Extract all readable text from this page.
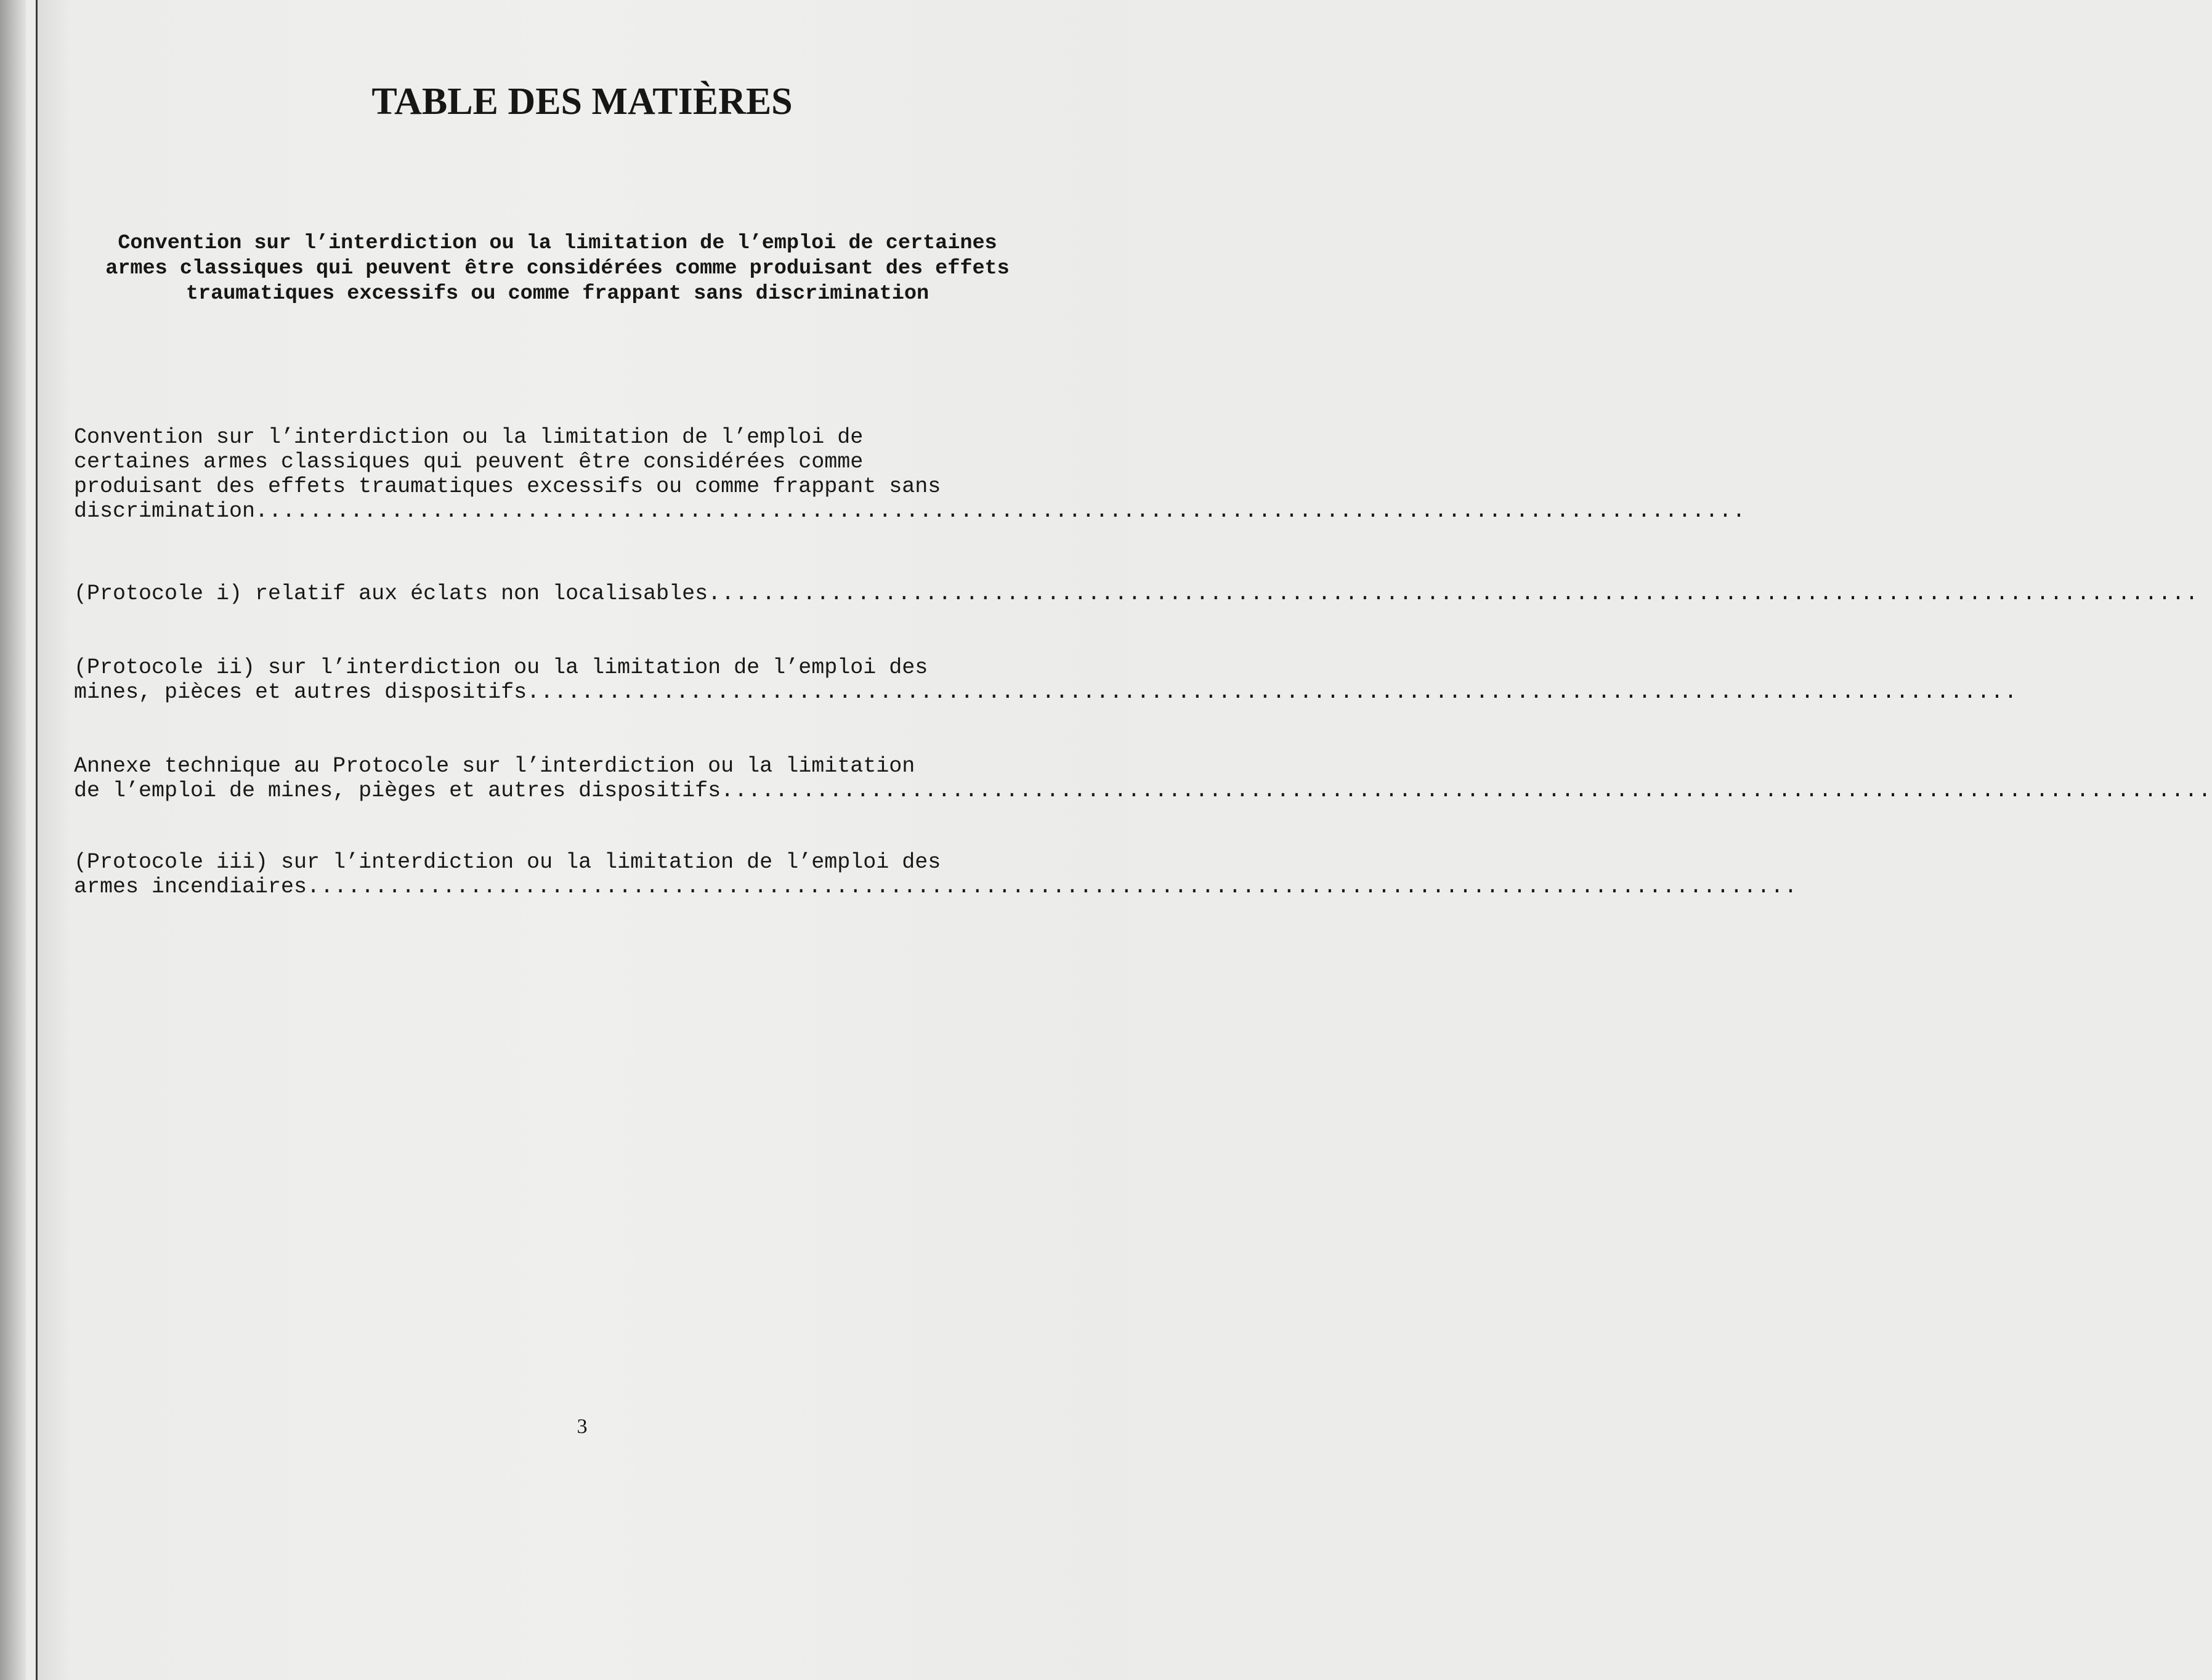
TABLE DES MATIÈRES

Convention sur l’interdiction ou la limitation de l’emploi de certaines armes classiques qui peuvent être considérées comme produisant des effets traumatiques excessifs ou comme frappant sans discrimination

Convention sur l’interdiction ou la limitation de l’emploi de
certaines armes classiques qui peuvent être considérées comme
produisant des effets traumatiques excessifs ou comme frappant sans
discrimination ..............................................................................................................
(Protocole i) relatif aux éclats non localisables ..............................................................................................................
(Protocole ii) sur l’interdiction ou la limitation de l’emploi des
mines, pièces et autres dispositifs ..............................................................................................................
Annexe technique au Protocole sur l’interdiction ou la limitation
de l’emploi de mines, pièges et autres dispositifs ..............................................................................................................
(Protocole iii) sur l’interdiction ou la limitation de l’emploi des
armes incendiaires ..............................................................................................................
3
